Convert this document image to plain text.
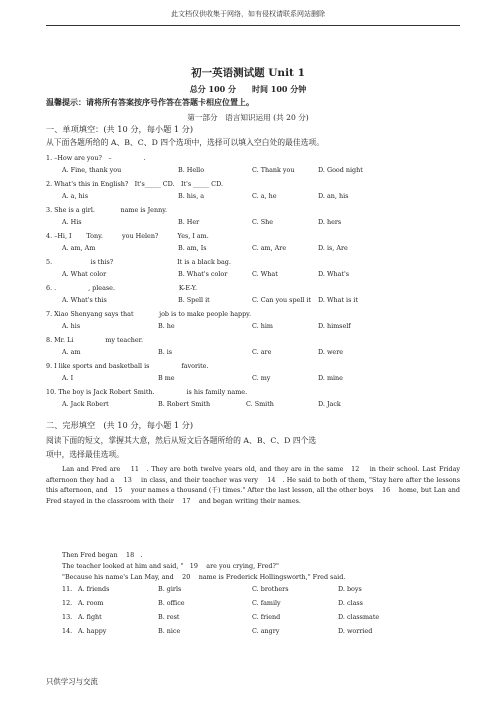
此文档仅供收集于网络，如有侵权请联系网站删除
初一英语测试题 Unit 1
总分 100 分　　时间 100 分钟
温馨提示：请将所有答案按序号作答在答题卡相应位置上。
第一部分　语言知识运用 (共 20 分)
一、单项填空：(共 10 分，每小题 1 分)
从下面各题所给的 A、B、C、D 四个选项中，选择可以填入空白处的最佳选项。
1. –How are you?　–　　　　　.
A. Fine, thank you	B. Hello	C. Thank you	D. Good night
2. What's this in English?　It's_____ CD.　It's _____ CD.
A. a, his	B. his, a	C. a, he	D. an, his
3. She is a girl.　　　　name is Jenny.
A. His	B. Her	C. She	D. hers
4. –Hi, I　　 Tony.　　　you Helen?　　　Yes, I am.
A. am, Am	B. am, Is	C. am, Are	D. is, Are
5.　　　　　　is this?　　　　　　　　　　It is a black bag.
A. What color	B. What's color	C. What	D. What's
6. .　　　　　, please.　　　　　　　　　　K-E-Y.
A. What's this	B. Spell it	C. Can you spell it D. What is it
7. Xiao Shenyang says that　　　　job is to make people happy.
A. his	B. he	C. him	D. himself
8. Mr. Li　　　　　my teacher.
A. am	B. is	C. are	D. were
9. I like sports and basketball is　　　　　favorite.
A. I	B me	C. my	D. mine
10. The boy is Jack Robert Smith.　　　　　is his family name.
A. Jack Robert	B. Robert Smith	C. Smith	D. Jack
二、完形填空　(共 10 分，每小题 1 分)
阅读下面的短文，掌握其大意，然后从短文后各题所给的 A、B、C、D 四个选
项中，选择最佳选项。
Lan and Fred are　 11　. They are both twelve years old, and they are in the same　12　 in their school. Last Friday afternoon they had a　 13　 in class, and their teacher was very　 14　. He said to both of them, "Stay here after the lessons this afternoon, and　15　 your names a thousand (千) times." After the last lesson, all the other boys　 16　 home, but Lan and Fred stayed in the classroom with their　 17　 and began writing their names.
Then Fred began　 18　.
The teacher looked at him and said, "　19　 are you crying, Fred?"
"Because his name's Lan May, and　 20　 name is Frederick Hollingsworth," Fred said.
11. A. friends	B. girls	C. brothers	D. boys
12. A. room	B. office	C. family	D. class
13. A. fight	B. rest	C. friend	D. classmate
14. A. happy	B. nice	C. angry	D. worried
只供学习与交流
